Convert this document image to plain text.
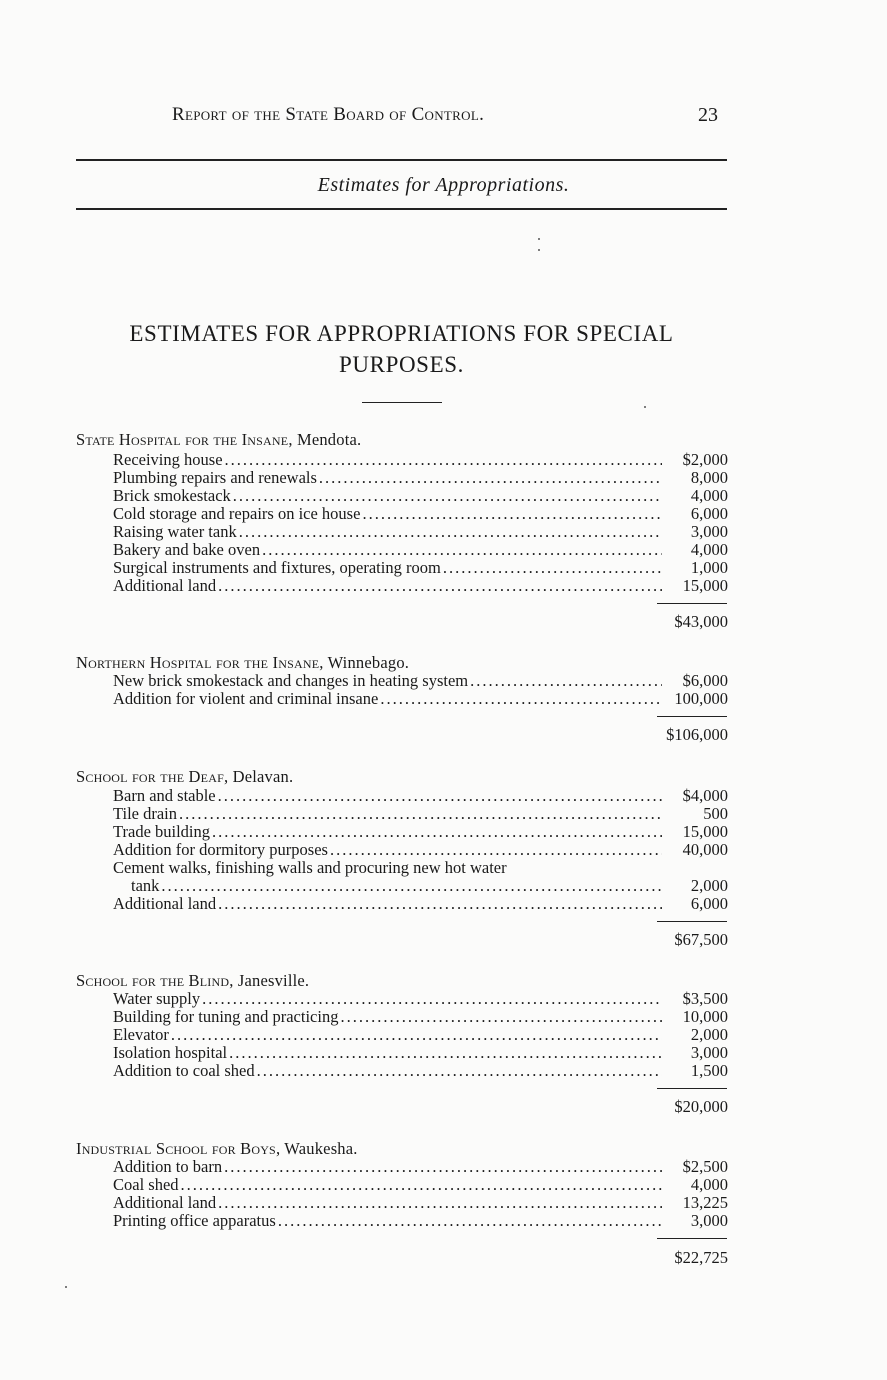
Report of the State Board of Control.	23
Estimates for Appropriations.
ESTIMATES FOR APPROPRIATIONS FOR SPECIAL
PURPOSES.
State Hospital for the Insane, Mendota.
Receiving house .....	$2,000
Plumbing repairs and renewals .....	8,000
Brick smokestack .....	4,000
Cold storage and repairs on ice house .....	6,000
Raising water tank .....	3,000
Bakery and bake oven .....	4,000
Surgical instruments and fixtures, operating room .....	1,000
Additional land .....	15,000
$43,000
Northern Hospital for the Insane, Winnebago.
New brick smokestack and changes in heating system .....	$6,000
Addition for violent and criminal insane .....	100,000
$106,000
School for the Deaf, Delavan.
Barn and stable .....	$4,000
Tile drain .....	500
Trade building .....	15,000
Addition for dormitory purposes .....	40,000
Cement walks, finishing walls and procuring new hot water
tank .....	2,000
Additional land .....	6,000
$67,500
School for the Blind, Janesville.
Water supply .....	$3,500
Building for tuning and practicing .....	10,000
Elevator .....	2,000
Isolation hospital .....	3,000
Addition to coal shed .....	1,500
$20,000
Industrial School for Boys, Waukesha.
Addition to barn .....	$2,500
Coal shed .....	4,000
Additional land .....	13,225
Printing office apparatus .....	3,000
$22,725
